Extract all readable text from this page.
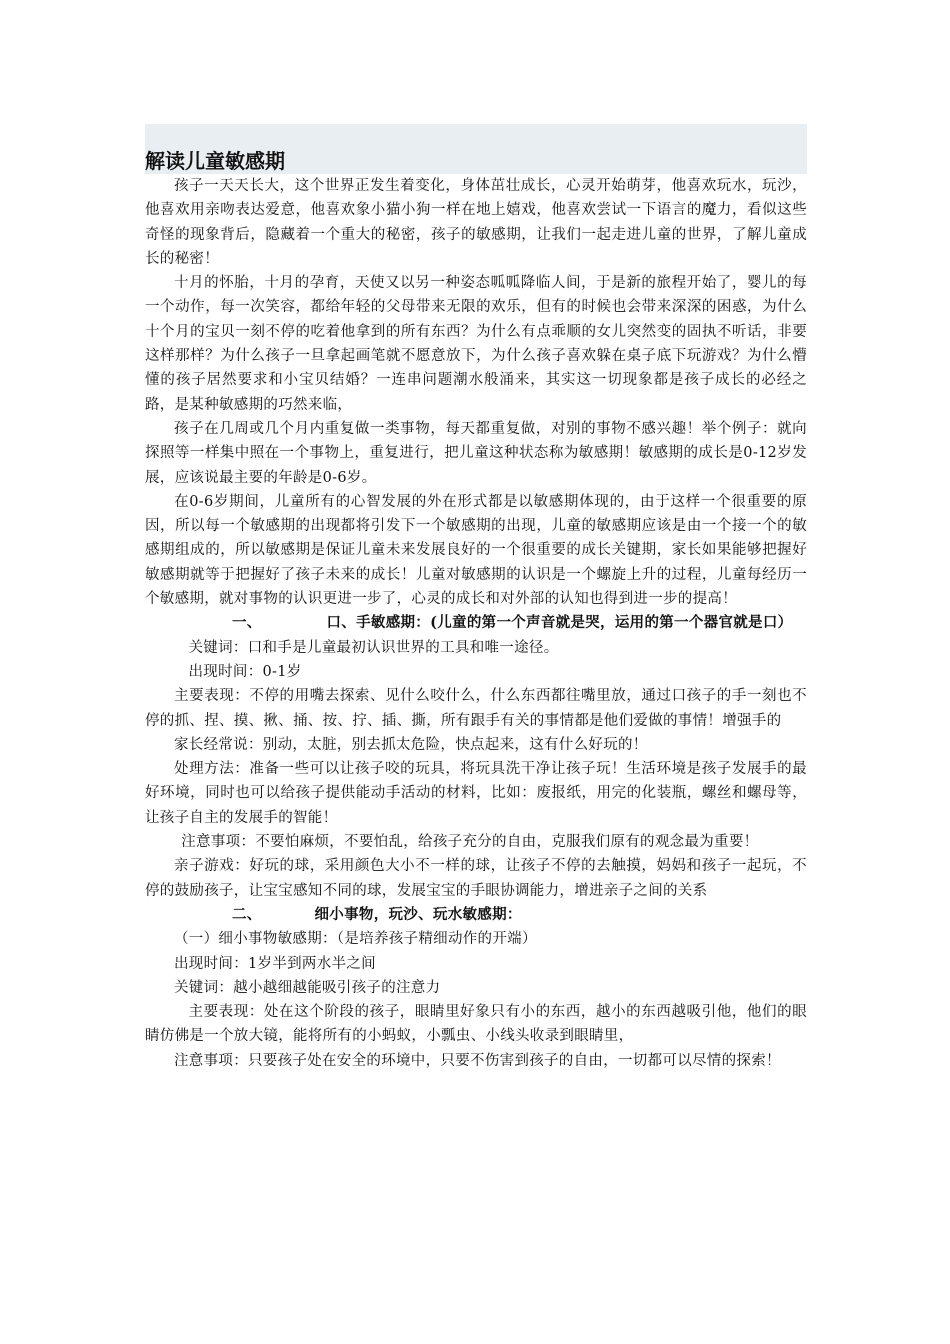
解读儿童敏感期

孩子一天天长大，这个世界正发生着变化，身体茁壮成长，心灵开始萌芽，他喜欢玩水，玩沙，他喜欢用亲吻表达爱意，他喜欢象小猫小狗一样在地上嬉戏，他喜欢尝试一下语言的魔力，看似这些奇怪的现象背后，隐藏着一个重大的秘密，孩子的敏感期，让我们一起走进儿童的世界，了解儿童成长的秘密！

十月的怀胎，十月的孕育，天使又以另一种姿态呱呱降临人间，于是新的旅程开始了，婴儿的每一个动作，每一次笑容，都给年轻的父母带来无限的欢乐，但有的时候也会带来深深的困惑，为什么十个月的宝贝一刻不停的吃着他拿到的所有东西？为什么有点乖顺的女儿突然变的固执不听话，非要这样那样？为什么孩子一旦拿起画笔就不愿意放下，为什么孩子喜欢躲在桌子底下玩游戏？为什么懵懂的孩子居然要求和小宝贝结婚？一连串问题潮水般涌来，其实这一切现象都是孩子成长的必经之路，是某种敏感期的巧然来临，

孩子在几周或几个月内重复做一类事物，每天都重复做，对别的事物不感兴趣！举个例子：就向探照等一样集中照在一个事物上，重复进行，把儿童这种状态称为敏感期！敏感期的成长是0-12岁发展，应该说最主要的年龄是0-6岁。

在0-6岁期间，儿童所有的心智发展的外在形式都是以敏感期体现的，由于这样一个很重要的原因，所以每一个敏感期的出现都将引发下一个敏感期的出现，儿童的敏感期应该是由一个接一个的敏感期组成的，所以敏感期是保证儿童未来发展良好的一个很重要的成长关键期，家长如果能够把握好敏感期就等于把握好了孩子未来的成长！儿童对敏感期的认识是一个螺旋上升的过程，儿童每经历一个敏感期，就对事物的认识更进一步了，心灵的成长和对外部的认知也得到进一步的提高！

一、	口、手敏感期：(儿童的第一个声音就是哭，运用的第一个器官就是口）

关键词：口和手是儿童最初认识世界的工具和唯一途径。

出现时间：0-1岁

主要表现：不停的用嘴去探索、见什么咬什么，什么东西都往嘴里放，通过口孩子的手一刻也不停的抓、捏、摸、揪、捅、按、拧、插、撕，所有跟手有关的事情都是他们爱做的事情！增强手的

家长经常说：别动，太脏，别去抓太危险，快点起来，这有什么好玩的！

处理方法：准备一些可以让孩子咬的玩具，将玩具洗干净让孩子玩！生活环境是孩子发展手的最好环境，同时也可以给孩子提供能动手活动的材料，比如：废报纸，用完的化装瓶，螺丝和螺母等，让孩子自主的发展手的智能！

注意事项：不要怕麻烦，不要怕乱，给孩子充分的自由，克服我们原有的观念最为重要！

亲子游戏：好玩的球，采用颜色大小不一样的球，让孩子不停的去触摸，妈妈和孩子一起玩，不停的鼓励孩子，让宝宝感知不同的球，发展宝宝的手眼协调能力，增进亲子之间的关系

二、	细小事物，玩沙、玩水敏感期：

（一）细小事物敏感期：（是培养孩子精细动作的开端）

出现时间：1岁半到两水半之间

关键词：越小越细越能吸引孩子的注意力

主要表现：处在这个阶段的孩子，眼睛里好象只有小的东西，越小的东西越吸引他，他们的眼睛仿佛是一个放大镜，能将所有的小蚂蚁，小瓢虫、小线头收录到眼睛里，

注意事项：只要孩子处在安全的环境中，只要不伤害到孩子的自由，一切都可以尽情的探索！
